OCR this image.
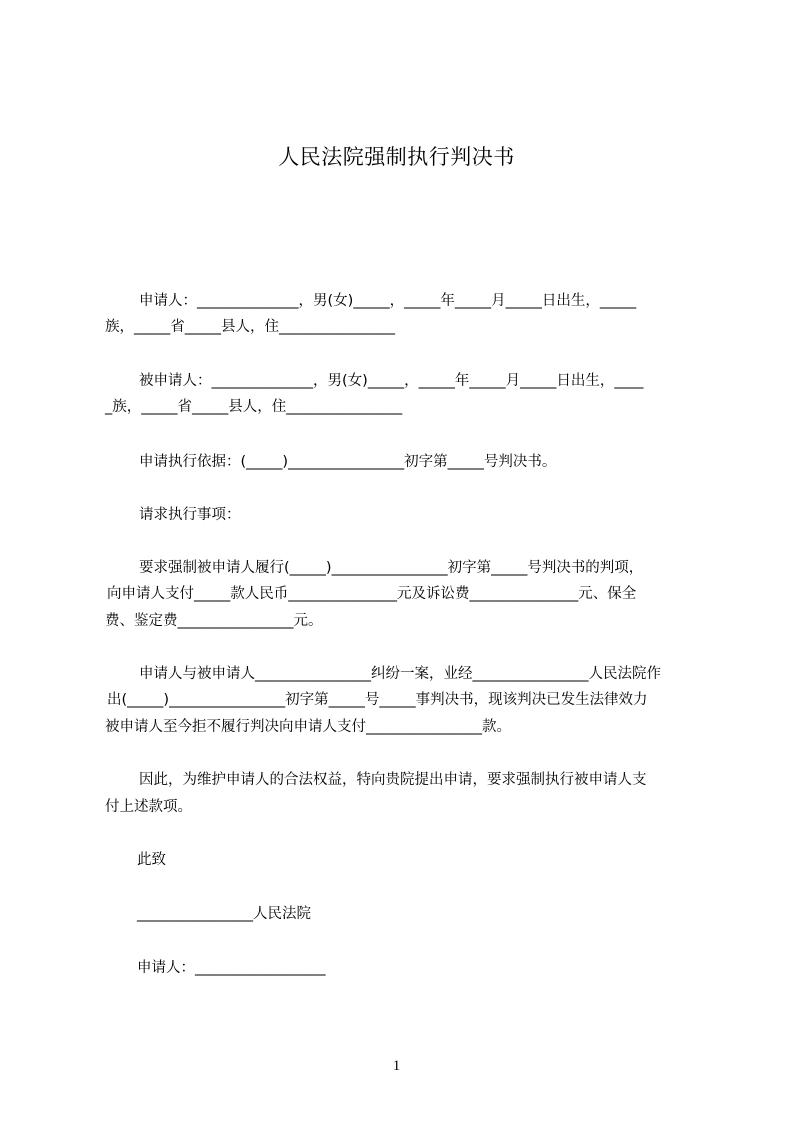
人民法院强制执行判决书

申请人：______________，男(女)_____，_____年_____月_____日出生，_____

族，_____省_____县人，住________________

被申请人：______________，男(女)_____，_____年_____月_____日出生，____

_族，_____省_____县人，住________________

申请执行依据：(_____)________________初字第_____号判决书。

请求执行事项：

要求强制被申请人履行(_____)________________初字第_____号判决书的判项，

向申请人支付_____款人民币_______________元及诉讼费_______________元、保全

费、鉴定费________________元。

申请人与被申请人________________纠纷一案，业经________________人民法院作

出(_____)________________初字第_____号_____事判决书，现该判决已发生法律效力

被申请人至今拒不履行判决向申请人支付________________款。

因此，为维护申请人的合法权益，特向贵院提出申请，要求强制执行被申请人支

付上述款项。

此致

________________人民法院

申请人：__________________

1
